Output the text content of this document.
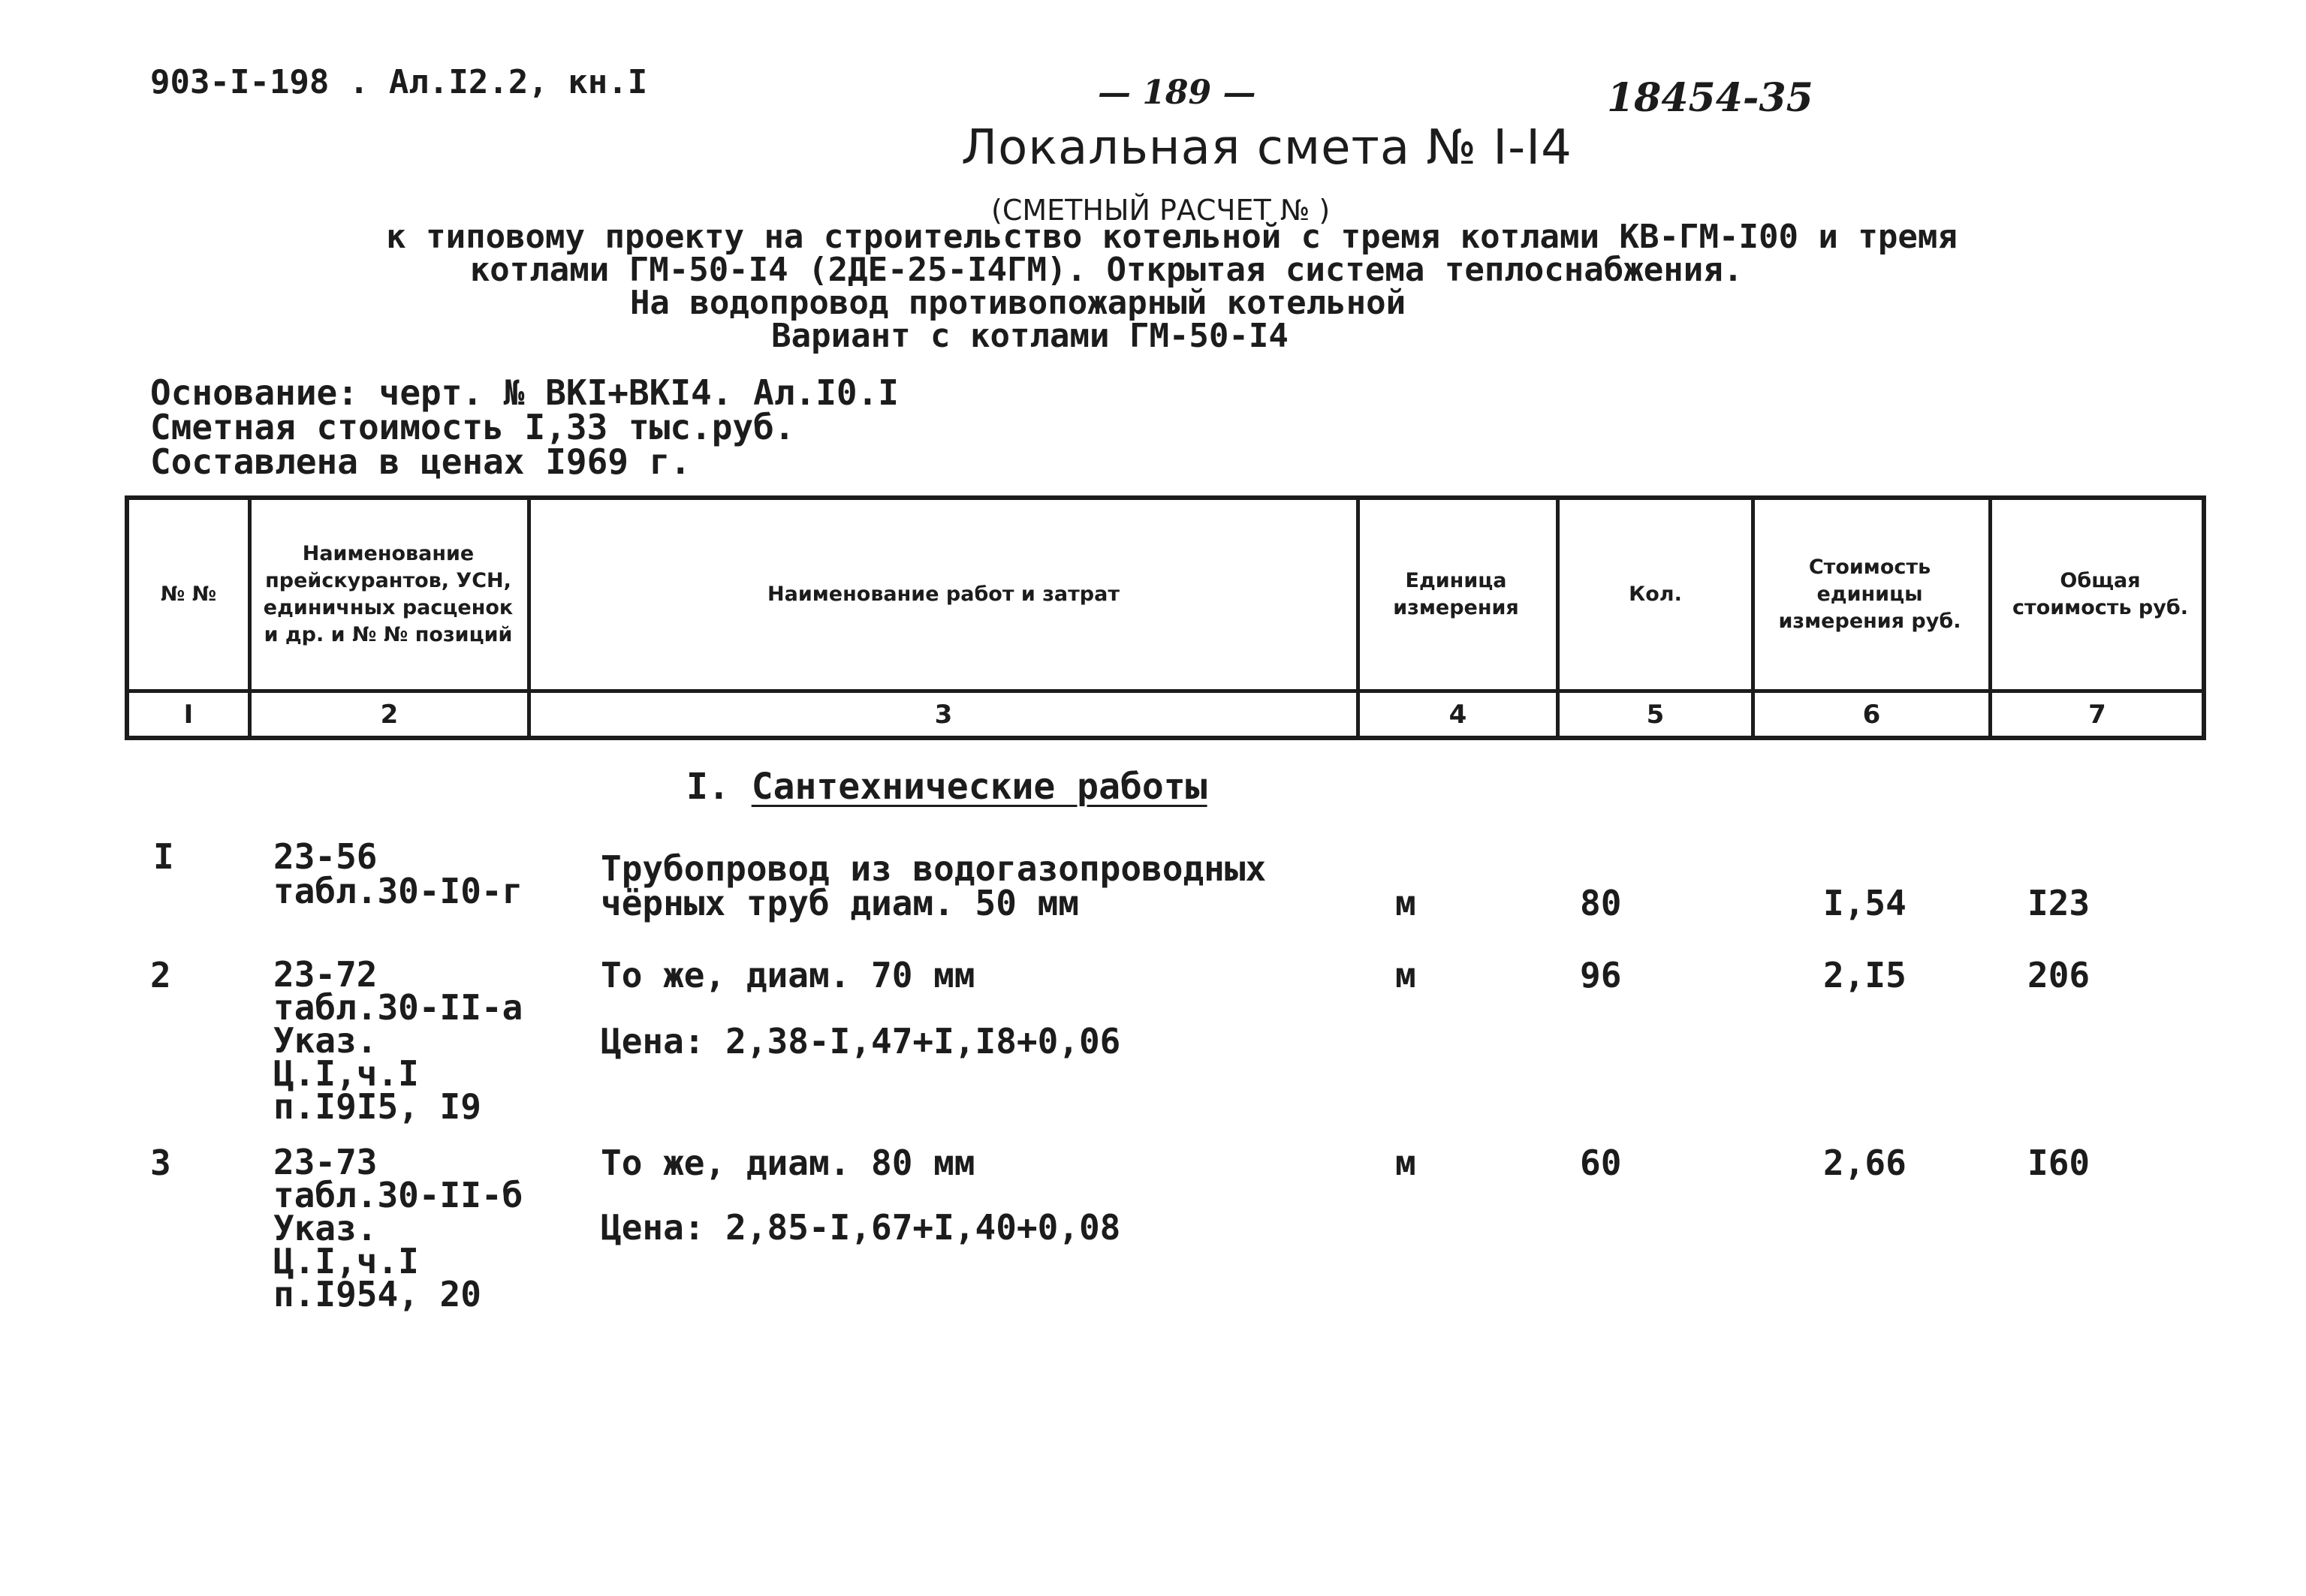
903-I-198 . Ал.I2.2, кн.I	— 189 —	18454-35
Локальная смета № I-I4
(СМЕТНЫЙ РАСЧЕТ № )
к типовому проекту на строительство котельной с тремя котлами КВ-ГМ-I00 и тремя
котлами ГМ-50-I4 (2ДЕ-25-I4ГМ). Открытая система теплоснабжения.
На водопровод противопожарный котельной
Вариант с котлами ГМ-50-I4
Основание: черт. № ВКI+ВКI4. Ал.I0.I
Сметная стоимость I,33 тыс.руб.
Составлена в ценах I969 г.
№ №
Наименование прейскурантов, УСН, единичных расценок и др. и № № позиций
Наименование работ и затрат
Единица измерения
Кол.
Стоимость единицы измерения руб.
Общая стоимость руб.
I	2	3	4	5	6	7
I. Сантехнические работы
I	23-56
табл.30-I0-г
Трубопровод из водогазопроводных
чёрных труб диам. 50 мм	м	80	I,54	I23
2	23-72
табл.30-II-а
Указ.
Ц.I,ч.I
п.I9I5, I9
То же, диам. 70 мм
Цена: 2,38-I,47+I,I8+0,06
м	96	2,I5	206
3	23-73
табл.30-II-б
Указ.
Ц.I,ч.I
п.I954, 20
То же, диам. 80 мм
Цена: 2,85-I,67+I,40+0,08
м	60	2,66	I60
